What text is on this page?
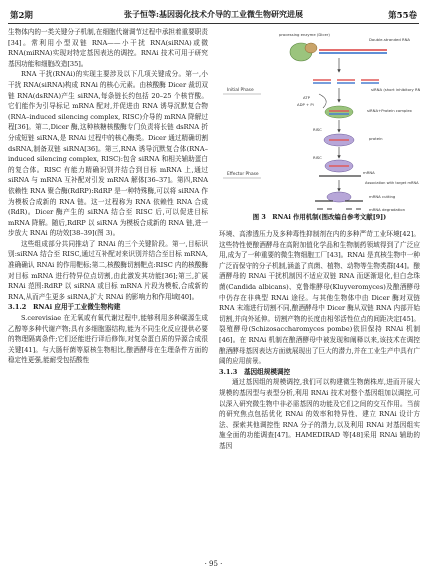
第2期	张子恒等:基因弱化技术介导的工业微生物研究进展	第55卷

生物体内的一类关键分子机制,在细胞代谢调节过程中承担着重要职责[34]。常利用小型双链 RNA——小干扰 RNA(siRNA)或微 RNA(miRNA)实现对特定基因表达的调控。RNAi 技术可用于研究基因功能和细胞改造[35]。

RNA 干扰(RNAi)的实现主要涉及以下几项关键成分。第一,小干扰 RNA(siRNA)构成 RNAi 的核心元素。由核酸酶 Dicer 裁切双链 RNA(dsRNA)产生 siRNA,每条链长约包括 20–25 个核苷酸。它们能作为引导标记 mRNA 配对,并促进由 RNA 诱导沉默复合物(RNA–induced silencing complex, RISC)介导的 mRNA 降解过程[36]。第二,Dicer 酶,这种核糖核酸酶专门负责将长链 dsRNA 折分成短链 siRNA,是 RNAi 过程中的核心酶类。Dicer 通过精确切割 dsRNA,制备双链 siRNA[36]。第三,RNA 诱导沉默复合体(RNA–induced silencing complex, RISC):包含 siRNA 和相关辅助蛋白的复合体。RISC 有能力精确识别并结合到目标 mRNA 上,通过 siRNA 与 mRNA 互补配对引发 mRNA 解体[36–37]。第四,RNA 依赖性 RNA 聚合酶(RdRP):RdRP 是一种特殊酶,可以将 siRNA 作为模板合成新的 RNA 链。这一过程称为 RNA 依赖性 RNA 合成(RdR)。Dicer 酶产生的 siRNA 结合至 RISC 后,可以促进目标 mRNA 降解。随后,RdRP 以 siRNA 为模板合成新的 RNA 链,进一步放大 RNAi 的功效[38–39](图 3)。

这些组成部分共同推动了 RNAi 的三个关键阶段。第一,目标识别:siRNA 结合至 RISC,通过互补配对来识别并结合至目标 mRNA,准确确认 RNAi 的作用靶标;第二,核酸酶切割靶点:RISC 内的核酸酶对目标 mRNA 进行特异位点切割,由此激发其功能[36];第三,扩展 RNAi 范围:RdRP 以 siRNA 或目标 mRNA 片段为模板,合成新的 RNA,从而产生更多 siRNA,扩大 RNAi 的影响力和作用域[40]。

3.1.2　RNAi 应用于工业微生物构建

S.cerevisiae 在无氧或有氧代谢过程中,能够利用多种碳源生成乙醇等多种代谢产物;具有多细胞器结构,能为不同生化反应提供必要的物理隔离条件;它们还能进行译后修饰,对复杂蛋白质的异源合成很关键[41]。与大肠杆菌等原核生物相比,酿酒酵母在生理条件方面的稳定性更强,能耐受包括酸性

Initial Phase
Effector Phase
processing enzyme (Dicer)
Double-stranded RNA
siRNA (short inhibitory RNA)
ATP
ADP + Pi
siRNA+Protein complex
RISC
protein
RISC
mRNA
Association with target mRNA
mRNA cutting
mRNA degradation
图 3　RNAi 作用机制(图改编自参考文献[9])

环境、高渗透压力及多种毒性抑制剂在内的多种严苛工业环境[42]。这些特性使酿酒酵母在高附加值化学品和生物制药领域得到了广泛应用,成为了一种重要的微生物细胞工厂[43]。RNAi 是真核生物中一种广泛而保守的分子机制,涵盖了真菌、植物、动物等生物类群[44]。酿酒酵母的 RNAi 干扰机制因不适应双链 RNA 而逐渐退化,但白念珠菌(Candida albicans)、克鲁维酵母(Kluyveromyces)及酿酒酵母中仍存在非典型 RNAi 途径。与其他生物体中由 Dicer 酶对双链 RNA 末端进行切割不同,酿酒酵母中 Dicer 酶从双链 RNA 内部开始切割,并向外延伸。切割产物的长度由相邻活性位点的间距决定[45]。裂殖酵母(Schizosaccharomyces pombe)依旧保持 RNAi 机制[46]。在 RNAi 机制在酿酒酵母中被发现和阐释以来,该技术在调控酿酒酵母基因表达方面就展现出了巨大的潜力,并在工业生产中具有广阔的应用前景。

3.1.3　基因组规模调控

通过基因组的规模调控,我们可以构建微生物菌株库,进而开展大规模的基因型与表型分析,利用 RNAi 技术对整个基因组加以调控,可以深入研究微生物中非必需基因的功能及它们之间的交互作用。当前的研究焦点包括优化 RNAi 的效率和特异性、建立 RNAi 设计方法、探索其他调控性 RNA 分子的潜力,以及利用 RNAi 对基因组实施全面的功能调查[47]。HAMEDIRAD 等[48]采用 RNAi 辅助的基因

· 95 ·
